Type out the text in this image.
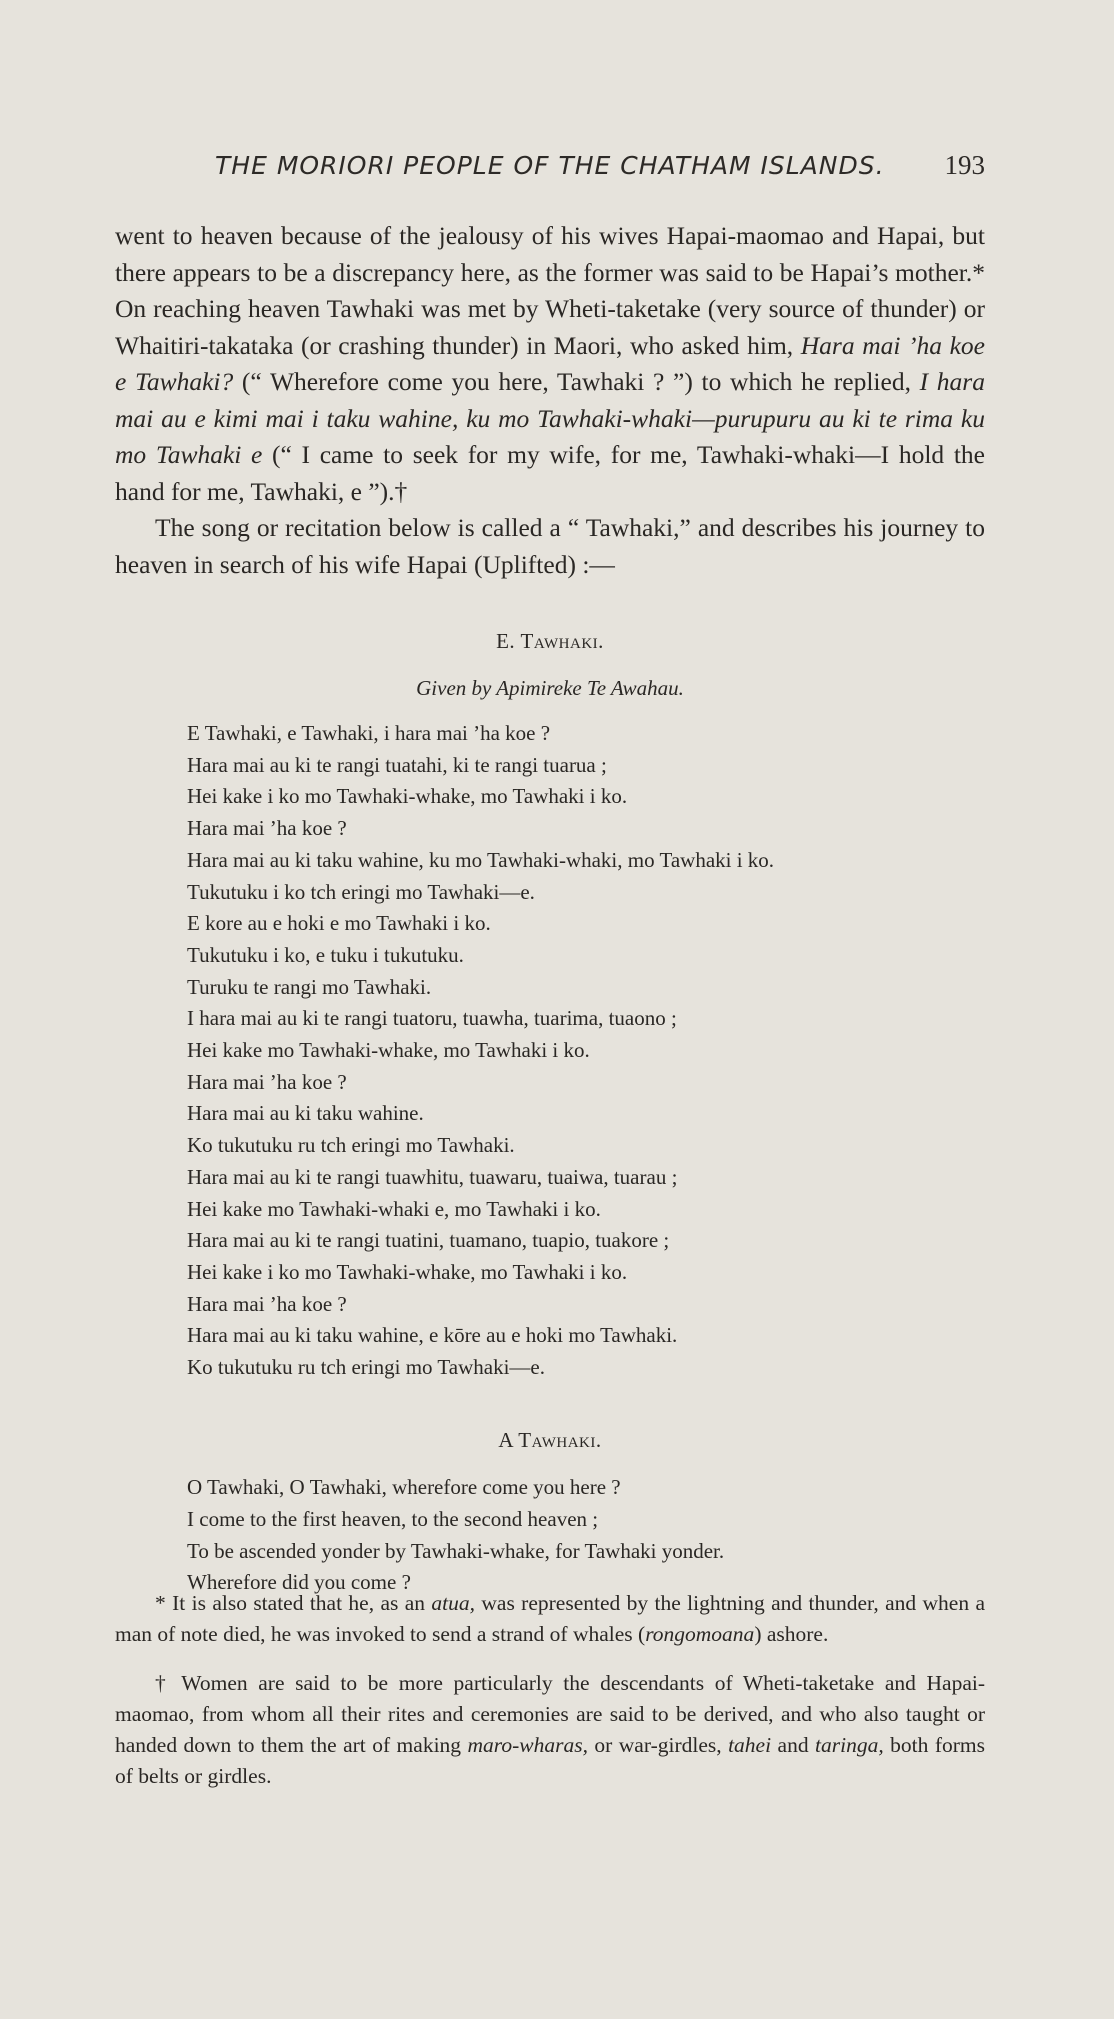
THE MORIORI PEOPLE OF THE CHATHAM ISLANDS. 193

went to heaven because of the jealousy of his wives Hapai-maomao and Hapai, but there appears to be a discrepancy here, as the former was said to be Hapai’s mother.* On reaching heaven Tawhaki was met by Wheti-taketake (very source of thunder) or Whaitiri-takataka (or crashing thunder) in Maori, who asked him, Hara mai ’ha koe e Tawhaki? (“ Wherefore come you here, Tawhaki ? ”) to which he replied, I hara mai au e kimi mai i taku wahine, ku mo Tawhaki-whaki—purupuru au ki te rima ku mo Tawhaki e (“ I came to seek for my wife, for me, Tawhaki-whaki—I hold the hand for me, Tawhaki, e ”).†

The song or recitation below is called a “ Tawhaki,” and describes his journey to heaven in search of his wife Hapai (Uplifted) :—

E. Tawhaki.

Given by Apimireke Te Awahau.

E Tawhaki, e Tawhaki, i hara mai ’ha koe ?
Hara mai au ki te rangi tuatahi, ki te rangi tuarua ;
Hei kake i ko mo Tawhaki-whake, mo Tawhaki i ko.
Hara mai ’ha koe ?
Hara mai au ki taku wahine, ku mo Tawhaki-whaki, mo Tawhaki i ko.
Tukutuku i ko tch eringi mo Tawhaki—e.
E kore au e hoki e mo Tawhaki i ko.
Tukutuku i ko, e tuku i tukutuku.
Turuku te rangi mo Tawhaki.
I hara mai au ki te rangi tuatoru, tuawha, tuarima, tuaono ;
Hei kake mo Tawhaki-whake, mo Tawhaki i ko.
Hara mai ’ha koe ?
Hara mai au ki taku wahine.
Ko tukutuku ru tch eringi mo Tawhaki.
Hara mai au ki te rangi tuawhitu, tuawaru, tuaiwa, tuarau ;
Hei kake mo Tawhaki-whaki e, mo Tawhaki i ko.
Hara mai au ki te rangi tuatini, tuamano, tuapio, tuakore ;
Hei kake i ko mo Tawhaki-whake, mo Tawhaki i ko.
Hara mai ’ha koe ?
Hara mai au ki taku wahine, e kōre au e hoki mo Tawhaki.
Ko tukutuku ru tch eringi mo Tawhaki—e.

A Tawhaki.

O Tawhaki, O Tawhaki, wherefore come you here ?
I come to the first heaven, to the second heaven ;
To be ascended yonder by Tawhaki-whake, for Tawhaki yonder.
Wherefore did you come ?

* It is also stated that he, as an atua, was represented by the lightning and thunder, and when a man of note died, he was invoked to send a strand of whales (rongomoana) ashore.

† Women are said to be more particularly the descendants of Wheti-taketake and Hapai-maomao, from whom all their rites and ceremonies are said to be derived, and who also taught or handed down to them the art of making maro-wharas, or war-girdles, tahei and taringa, both forms of belts or girdles.
